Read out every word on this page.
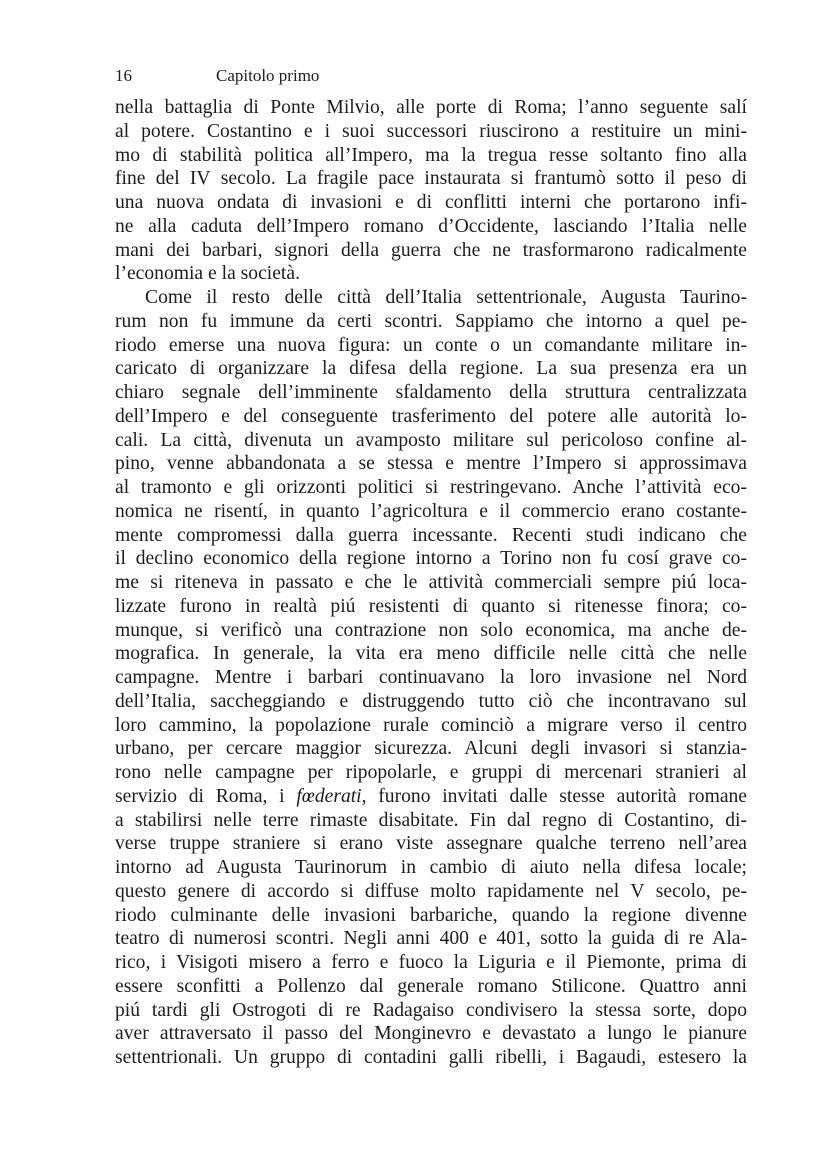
16	Capitolo primo
nella battaglia di Ponte Milvio, alle porte di Roma; l’anno seguente salí
al potere. Costantino e i suoi successori riuscirono a restituire un mini-
mo di stabilità politica all’Impero, ma la tregua resse soltanto fino alla
fine del IV secolo. La fragile pace instaurata si frantumò sotto il peso di
una nuova ondata di invasioni e di conflitti interni che portarono infi-
ne alla caduta dell’Impero romano d’Occidente, lasciando l’Italia nelle
mani dei barbari, signori della guerra che ne trasformarono radicalmente
l’economia e la società.
Come il resto delle città dell’Italia settentrionale, Augusta Taurino-
rum non fu immune da certi scontri. Sappiamo che intorno a quel pe-
riodo emerse una nuova figura: un conte o un comandante militare in-
caricato di organizzare la difesa della regione. La sua presenza era un
chiaro segnale dell’imminente sfaldamento della struttura centralizzata
dell’Impero e del conseguente trasferimento del potere alle autorità lo-
cali. La città, divenuta un avamposto militare sul pericoloso confine al-
pino, venne abbandonata a se stessa e mentre l’Impero si approssimava
al tramonto e gli orizzonti politici si restringevano. Anche l’attività eco-
nomica ne risentí, in quanto l’agricoltura e il commercio erano costante-
mente compromessi dalla guerra incessante. Recenti studi indicano che
il declino economico della regione intorno a Torino non fu cosí grave co-
me si riteneva in passato e che le attività commerciali sempre piú loca-
lizzate furono in realtà piú resistenti di quanto si ritenesse finora; co-
munque, si verificò una contrazione non solo economica, ma anche de-
mografica. In generale, la vita era meno difficile nelle città che nelle
campagne. Mentre i barbari continuavano la loro invasione nel Nord
dell’Italia, saccheggiando e distruggendo tutto ciò che incontravano sul
loro cammino, la popolazione rurale cominciò a migrare verso il centro
urbano, per cercare maggior sicurezza. Alcuni degli invasori si stanzia-
rono nelle campagne per ripopolarle, e gruppi di mercenari stranieri al
servizio di Roma, i fœderati, furono invitati dalle stesse autorità romane
a stabilirsi nelle terre rimaste disabitate. Fin dal regno di Costantino, di-
verse truppe straniere si erano viste assegnare qualche terreno nell’area
intorno ad Augusta Taurinorum in cambio di aiuto nella difesa locale;
questo genere di accordo si diffuse molto rapidamente nel V secolo, pe-
riodo culminante delle invasioni barbariche, quando la regione divenne
teatro di numerosi scontri. Negli anni 400 e 401, sotto la guida di re Ala-
rico, i Visigoti misero a ferro e fuoco la Liguria e il Piemonte, prima di
essere sconfitti a Pollenzo dal generale romano Stilicone. Quattro anni
piú tardi gli Ostrogoti di re Radagaiso condivisero la stessa sorte, dopo
aver attraversato il passo del Monginevro e devastato a lungo le pianure
settentrionali. Un gruppo di contadini galli ribelli, i Bagaudi, estesero la
